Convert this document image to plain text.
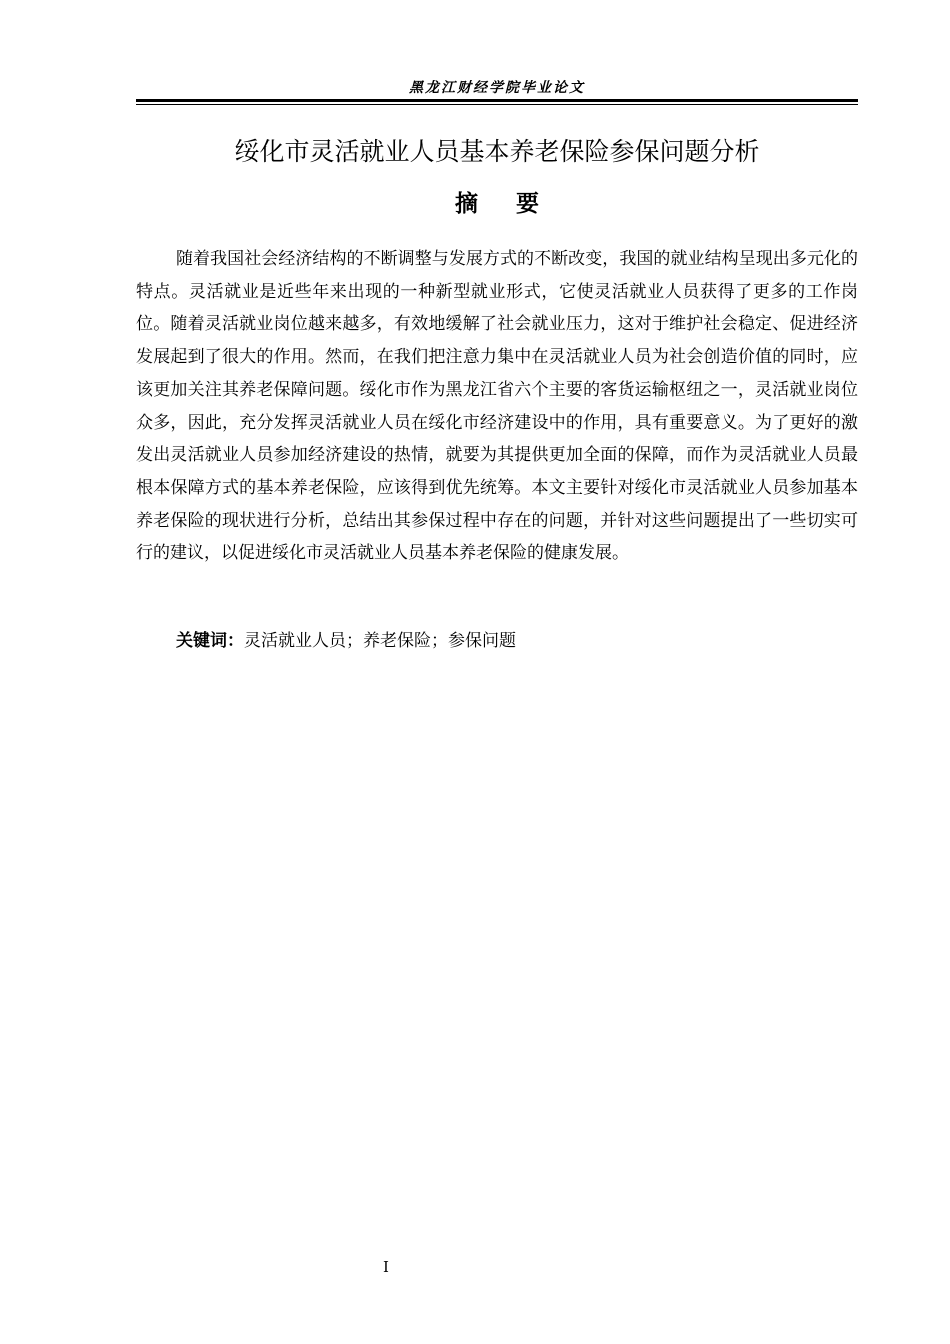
黑龙江财经学院毕业论文
绥化市灵活就业人员基本养老保险参保问题分析
摘要

随着我国社会经济结构的不断调整与发展方式的不断改变，我国的就业结构呈现出多元化的特点。灵活就业是近些年来出现的一种新型就业形式，它使灵活就业人员获得了更多的工作岗位。随着灵活就业岗位越来越多，有效地缓解了社会就业压力，这对于维护社会稳定、促进经济发展起到了很大的作用。然而，在我们把注意力集中在灵活就业人员为社会创造价值的同时，应该更加关注其养老保障问题。绥化市作为黑龙江省六个主要的客货运输枢纽之一，灵活就业岗位众多，因此，充分发挥灵活就业人员在绥化市经济建设中的作用，具有重要意义。为了更好的激发出灵活就业人员参加经济建设的热情，就要为其提供更加全面的保障，而作为灵活就业人员最根本保障方式的基本养老保险，应该得到优先统筹。本文主要针对绥化市灵活就业人员参加基本养老保险的现状进行分析，总结出其参保过程中存在的问题，并针对这些问题提出了一些切实可行的建议，以促进绥化市灵活就业人员基本养老保险的健康发展。

关键词：灵活就业人员；养老保险；参保问题

I
